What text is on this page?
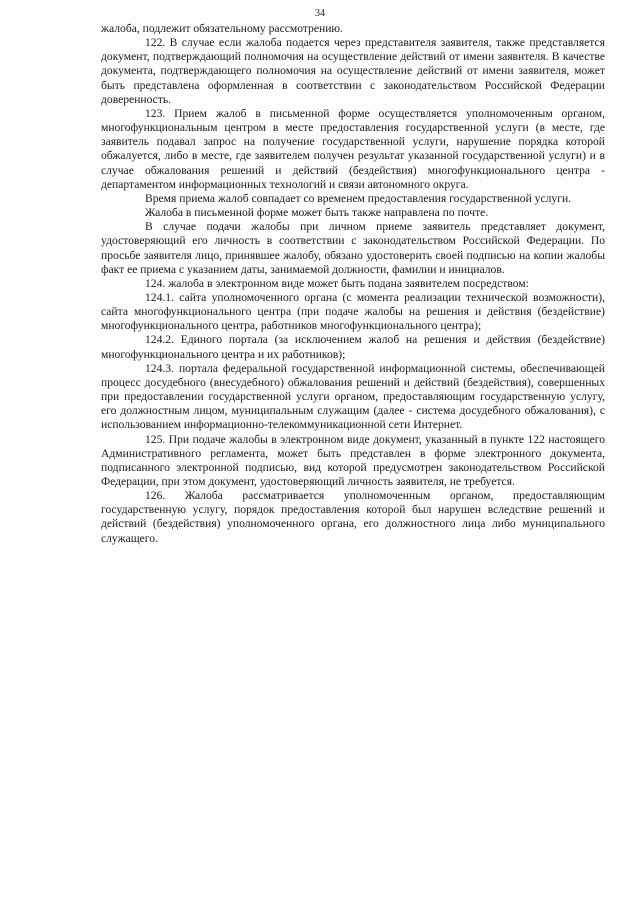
34

жалоба, подлежит обязательному рассмотрению.

122. В случае если жалоба подается через представителя заявителя, также представляется документ, подтверждающий полномочия на осуществление действий от имени заявителя. В качестве документа, подтверждающего полномочия на осуществление действий от имени заявителя, может быть представлена оформленная в соответствии с законодательством Российской Федерации доверенность.

123. Прием жалоб в письменной форме осуществляется уполномоченным органом, многофункциональным центром в месте предоставления государственной услуги (в месте, где заявитель подавал запрос на получение государственной услуги, нарушение порядка которой обжалуется, либо в месте, где заявителем получен результат указанной государственной услуги) и в случае обжалования решений и действий (бездействия) многофункционального центра - департаментом информационных технологий и связи автономного округа.

Время приема жалоб совпадает со временем предоставления государственной услуги.

Жалоба в письменной форме может быть также направлена по почте.

В случае подачи жалобы при личном приеме заявитель представляет документ, удостоверяющий его личность в соответствии с законодательством Российской Федерации. По просьбе заявителя лицо, принявшее жалобу, обязано удостоверить своей подписью на копии жалобы факт ее приема с указанием даты, занимаемой должности, фамилии и инициалов.

124. жалоба в электронном виде может быть подана заявителем посредством:

124.1. сайта уполномоченного органа (с момента реализации технической возможности), сайта многофункционального центра (при подаче жалобы на решения и действия (бездействие) многофункционального центра, работников многофункционального центра);

124.2. Единого портала (за исключением жалоб на решения и действия (бездействие) многофункционального центра и их работников);

124.3. портала федеральной государственной информационной системы, обеспечивающей процесс досудебного (внесудебного) обжалования решений и действий (бездействия), совершенных при предоставлении государственной услуги органом, предоставляющим государственную услугу, его должностным лицом, муниципальным служащим (далее - система досудебного обжалования), с использованием информационно-телекоммуникационной сети Интернет.

125. При подаче жалобы в электронном виде документ, указанный в пункте 122 настоящего Административного регламента, может быть представлен в форме электронного документа, подписанного электронной подписью, вид которой предусмотрен законодательством Российской Федерации, при этом документ, удостоверяющий личность заявителя, не требуется.

126. Жалоба рассматривается уполномоченным органом, предоставляющим государственную услугу, порядок предоставления которой был нарушен вследствие решений и действий (бездействия) уполномоченного органа, его должностного лица либо муниципального служащего.
